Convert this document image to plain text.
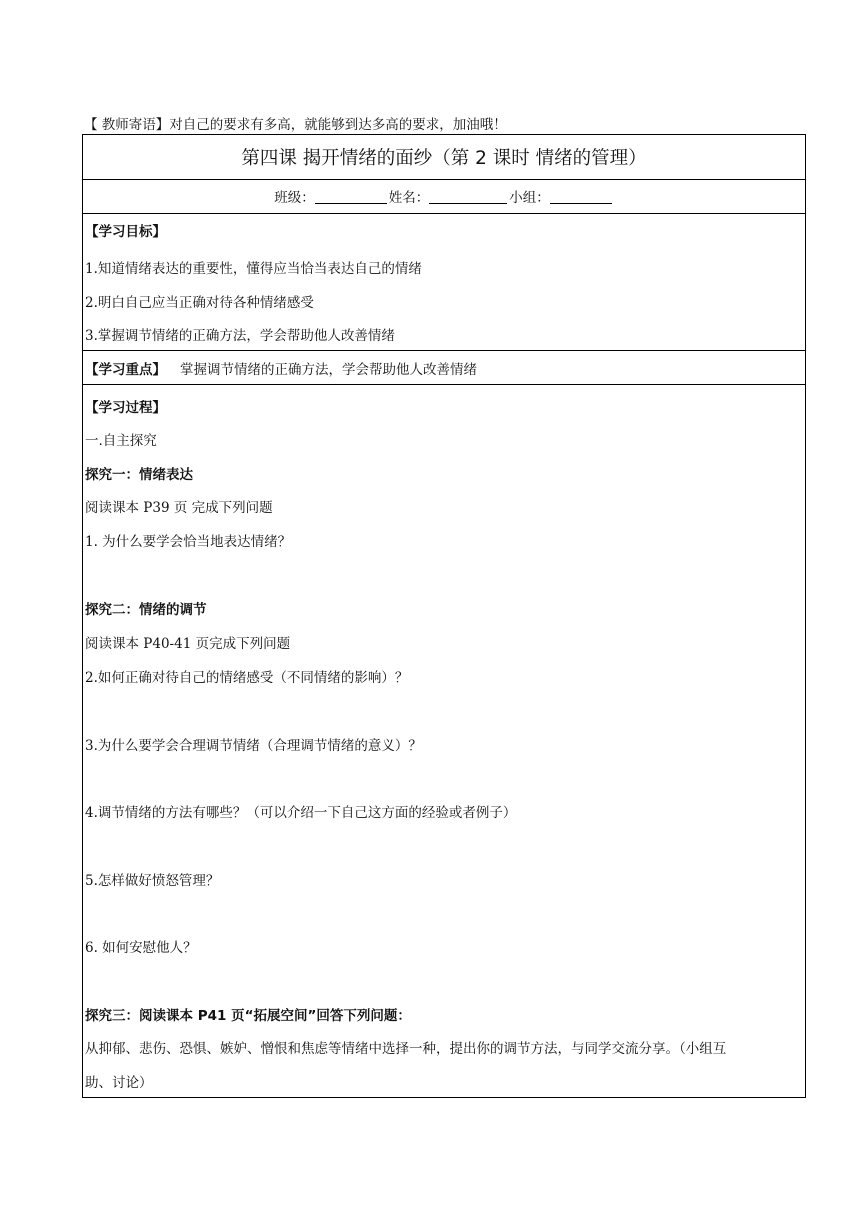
【 教师寄语】对自己的要求有多高，就能够到达多高的要求，加油哦！
第四课 揭开情绪的面纱（第 2 课时 情绪的管理）
班级：	姓名：	小组：
【学习目标】
1.知道情绪表达的重要性，懂得应当恰当表达自己的情绪
2.明白自己应当正确对待各种情绪感受
3.掌握调节情绪的正确方法，学会帮助他人改善情绪
【学习重点】 掌握调节情绪的正确方法，学会帮助他人改善情绪
【学习过程】
一.自主探究
探究一：情绪表达
阅读课本 P39 页 完成下列问题
1. 为什么要学会恰当地表达情绪？
探究二：情绪的调节
阅读课本 P40-41 页完成下列问题
2.如何正确对待自己的情绪感受（不同情绪的影响）？
3.为什么要学会合理调节情绪（合理调节情绪的意义）？
4.调节情绪的方法有哪些？（可以介绍一下自己这方面的经验或者例子）
5.怎样做好愤怒管理？
6. 如何安慰他人？
探究三：阅读课本 P41 页“拓展空间”回答下列问题：
从抑郁、悲伤、恐惧、嫉妒、憎恨和焦虑等情绪中选择一种，提出你的调节方法，与同学交流分享。（小组互
助、讨论）
